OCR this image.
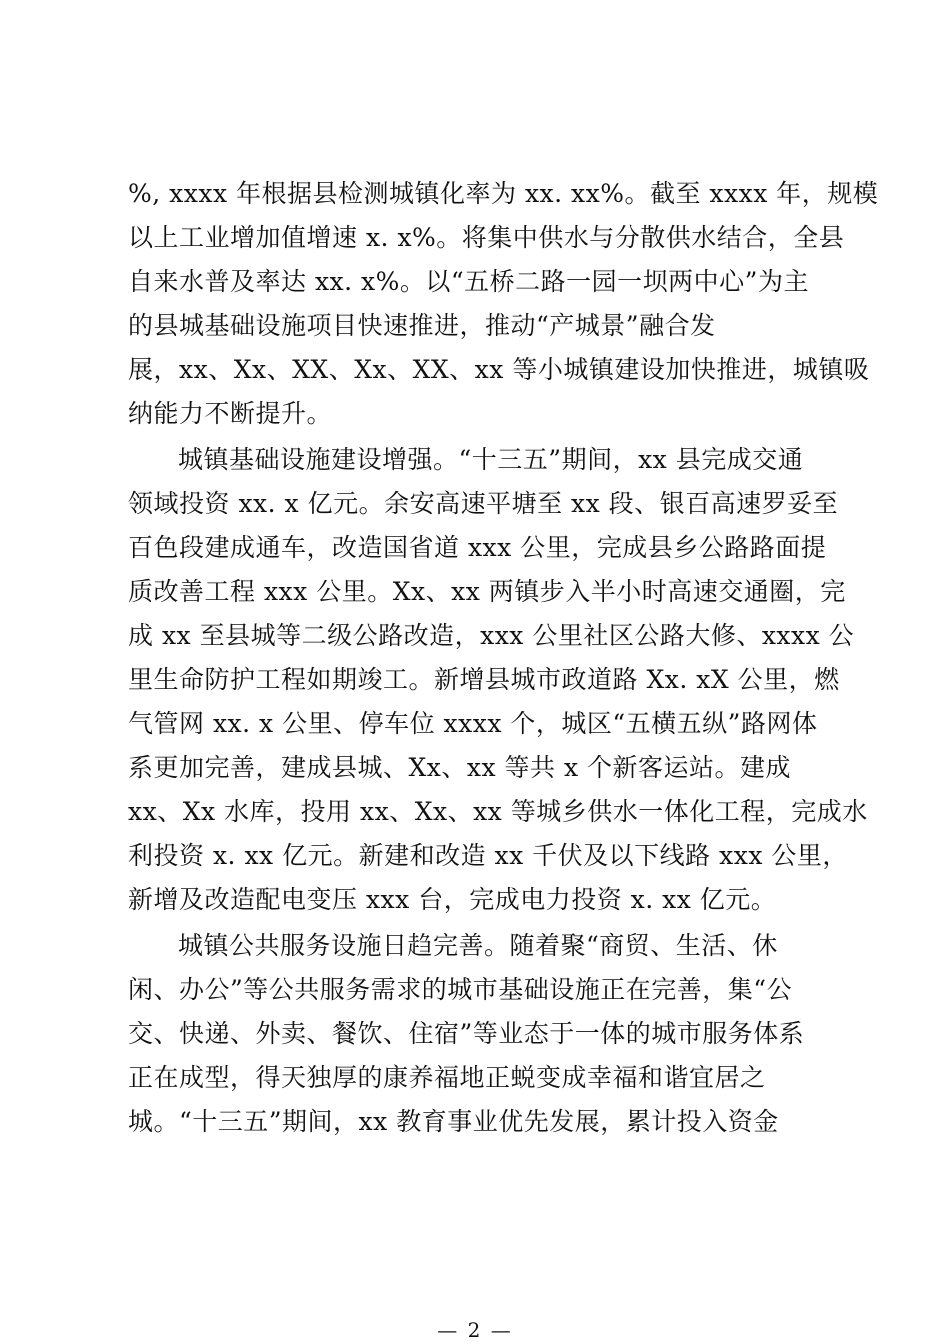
%, xxxx 年根据县检测城镇化率为 xx. xx%。截至 xxxx 年，规模
以上工业增加值增速 x. x%。将集中供水与分散供水结合，全县
自来水普及率达 xx. x%。以“五桥二路一园一坝两中心”为主
的县城基础设施项目快速推进，推动“产城景”融合发
展，xx、Xx、XX、Xx、XX、xx 等小城镇建设加快推进，城镇吸
纳能力不断提升。
城镇基础设施建设增强。“十三五”期间，xx 县完成交通
领域投资 xx. x 亿元。余安高速平塘至 xx 段、银百高速罗妥至
百色段建成通车，改造国省道 xxx 公里，完成县乡公路路面提
质改善工程 xxx 公里。Xx、xx 两镇步入半小时高速交通圈，完
成 xx 至县城等二级公路改造，xxx 公里社区公路大修、xxxx 公
里生命防护工程如期竣工。新增县城市政道路 Xx. xX 公里，燃
气管网 xx. x 公里、停车位 xxxx 个，城区“五横五纵”路网体
系更加完善，建成县城、Xx、xx 等共 x 个新客运站。建成
xx、Xx 水库，投用 xx、Xx、xx 等城乡供水一体化工程，完成水
利投资 x. xx 亿元。新建和改造 xx 千伏及以下线路 xxx 公里，
新增及改造配电变压 xxx 台，完成电力投资 x. xx 亿元。
城镇公共服务设施日趋完善。随着聚“商贸、生活、休
闲、办公”等公共服务需求的城市基础设施正在完善，集“公
交、快递、外卖、餐饮、住宿”等业态于一体的城市服务体系
正在成型，得天独厚的康养福地正蜕变成幸福和谐宜居之
城。“十三五”期间，xx 教育事业优先发展，累计投入资金
— 2 —
